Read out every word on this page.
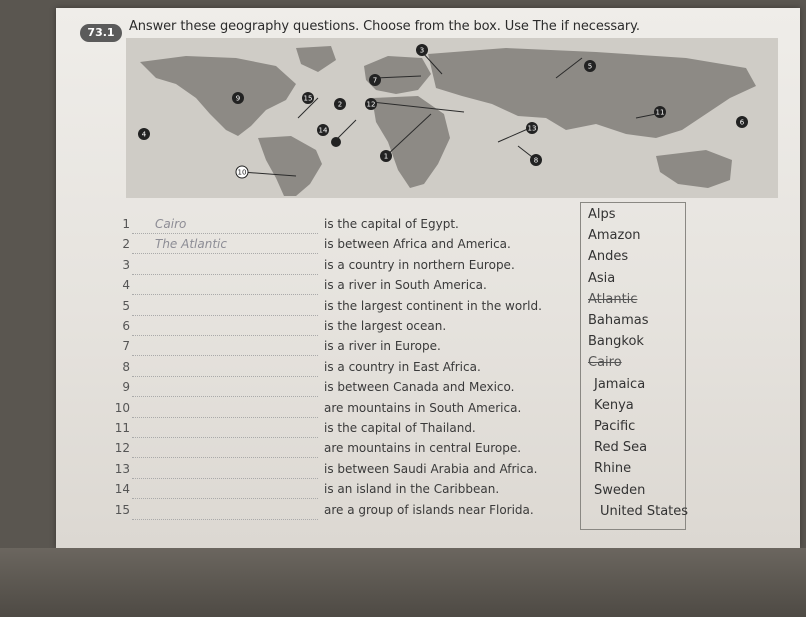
73.1	Answer these geography questions. Choose from the box. Use The if necessary.
3
5
7
9	15
2	12
11
6
4	14	13
1	8
10
1 Cairo	is the capital of Egypt.
2 The Atlantic	is between Africa and America.
3	is a country in northern Europe.
4	is a river in South America.
5	is the largest continent in the world.
6	is the largest ocean.
7	is a river in Europe.
8	is a country in East Africa.
9	is between Canada and Mexico.
10	are mountains in South America.
11	is the capital of Thailand.
12	are mountains in central Europe.
13	is between Saudi Arabia and Africa.
14	is an island in the Caribbean.
15	are a group of islands near Florida.
Alps
Amazon
Andes
Asia
Atlantic
Bahamas
Bangkok
Cairo
Jamaica
Kenya
Pacific
Red Sea
Rhine
Sweden
United States
